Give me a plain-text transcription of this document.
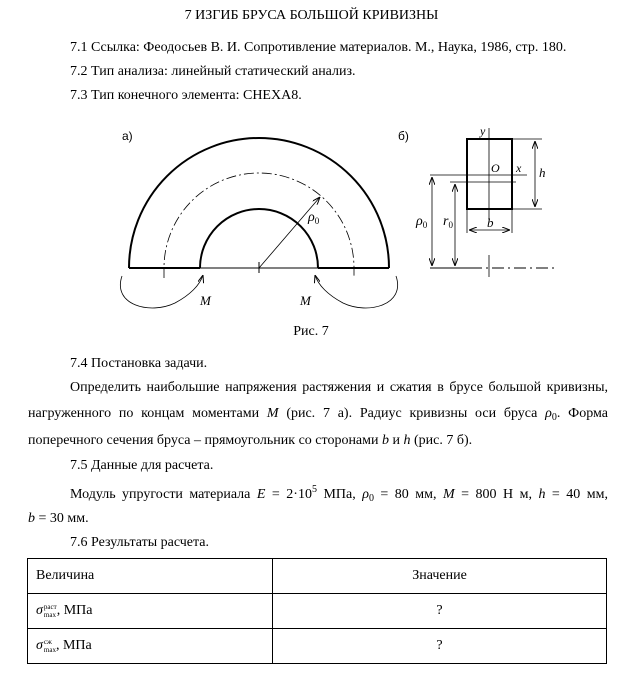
7 ИЗГИБ БРУСА БОЛЬШОЙ КРИВИЗНЫ
7.1 Ссылка: Феодосьев В. И. Сопротивление материалов. М., Наука, 1986, стр. 180.
7.2 Тип анализа: линейный статический анализ.
7.3 Тип конечного элемента: CHEXA8.
а)
$\rho_0$
M	M
б)	y
x
O	h
b
$\rho_0$ $r_0$
Рис. 7
7.4 Постановка задачи.
Определить наибольшие напряжения растяжения и сжатия в брусе большой кривизны,
нагруженного по концам моментами M (рис. 7 а). Радиус кривизны оси бруса $\rho_0$. Форма
поперечного сечения бруса – прямоугольник со сторонами b и h (рис. 7 б).
7.5 Данные для расчета.
Модуль упругости материала $E = 2\cdot 10^5$ МПа, $\rho_0 = 80$ мм, M = 800 Н м, h = 40 мм,
b = 30 мм.
7.6 Результаты расчета.
Величина	Значение
σ раст
max , МПа	?
σ сж
max , МПа	?
